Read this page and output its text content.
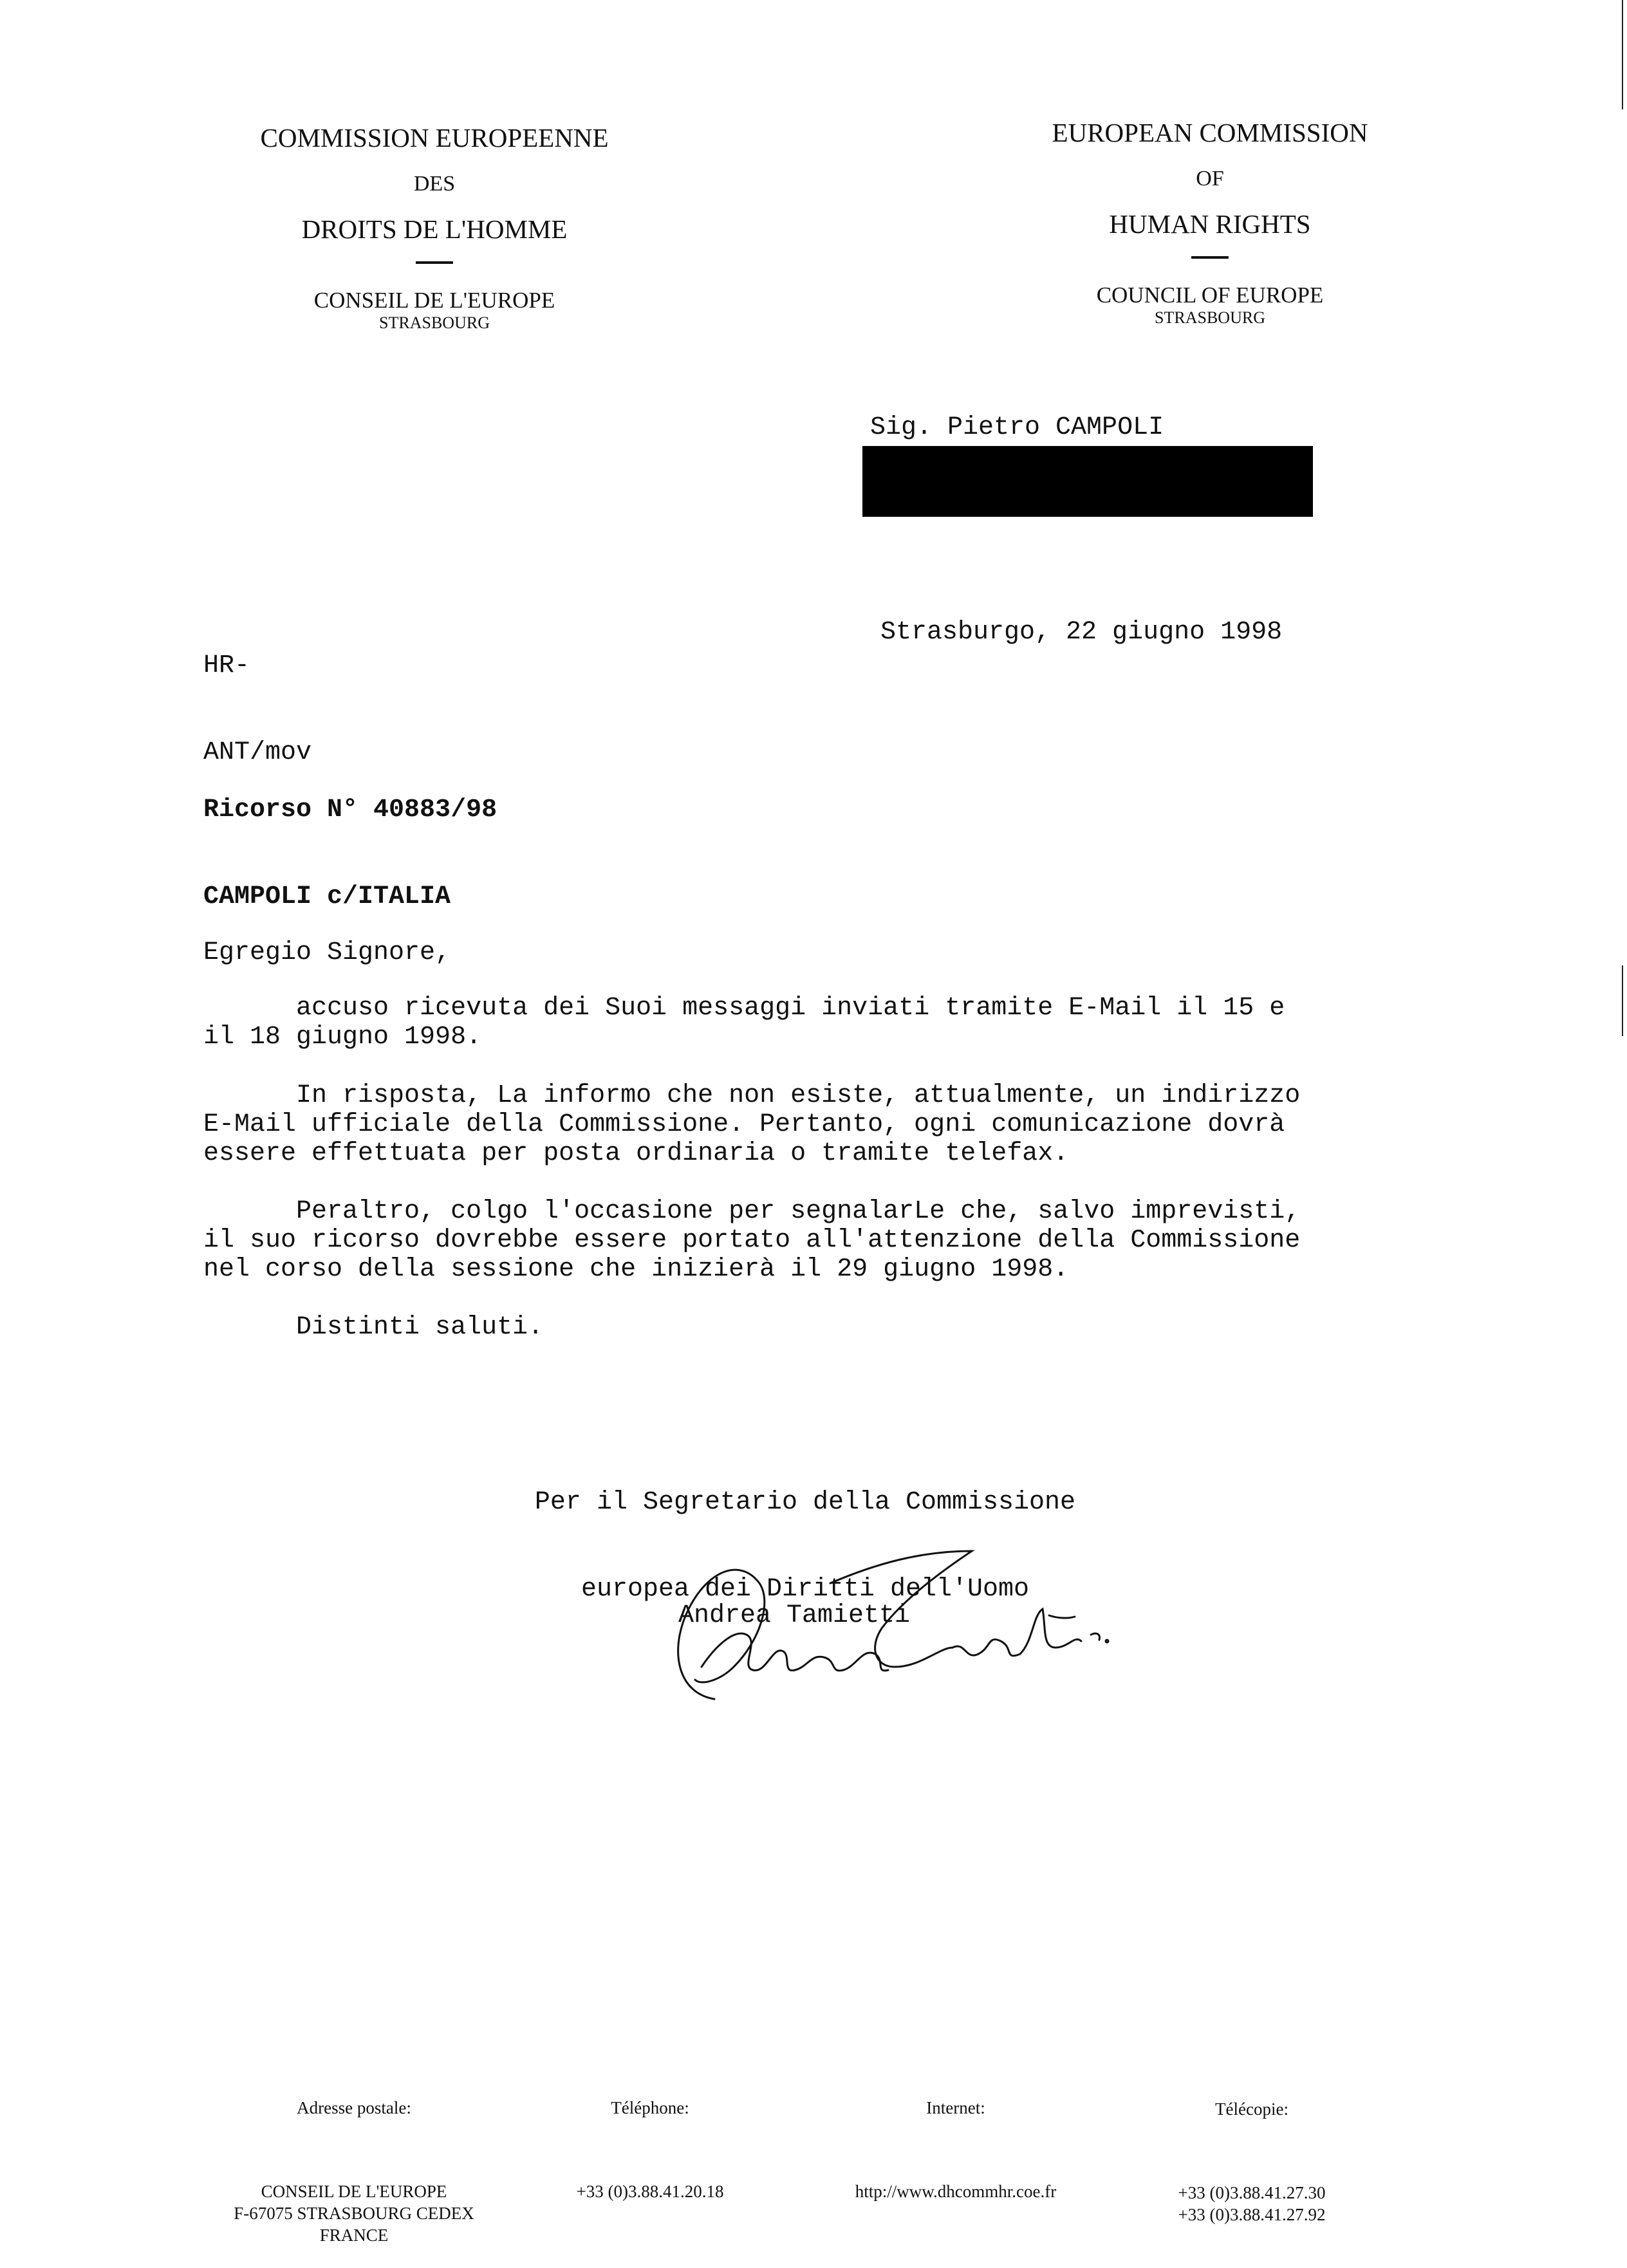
COMMISSION EUROPEENNE
DES
DROITS DE L'HOMME
CONSEIL DE L'EUROPE
STRASBOURG
EUROPEAN COMMISSION
OF
HUMAN RIGHTS
COUNCIL OF EUROPE
STRASBOURG
Sig. Pietro CAMPOLI

HR-

ANT/mov

Strasburgo, 22 giugno 1998

Ricorso N° 40883/98

CAMPOLI c/ITALIA

Egregio Signore,
accuso ricevuta dei Suoi messaggi inviati tramite E-Mail il 15 e
il 18 giugno 1998.
In risposta, La informo che non esiste, attualmente, un indirizzo
E-Mail ufficiale della Commissione. Pertanto, ogni comunicazione dovrà
essere effettuata per posta ordinaria o tramite telefax.
Peraltro, colgo l'occasione per segnalarLe che, salvo imprevisti,
il suo ricorso dovrebbe essere portato all'attenzione della Commissione
nel corso della sessione che inizierà il 29 giugno 1998.
Distinti saluti.

Per il Segretario della Commissione

europea dei Diritti dell'Uomo

Andrea Tamietti

Adresse postale:

CONSEIL DE L'EUROPE
F-67075 STRASBOURG CEDEX
FRANCE

Téléphone:

+33 (0)3.88.41.20.18

Internet:

http://www.dhcommhr.coe.fr

Télécopie:

+33 (0)3.88.41.27.30
+33 (0)3.88.41.27.92
